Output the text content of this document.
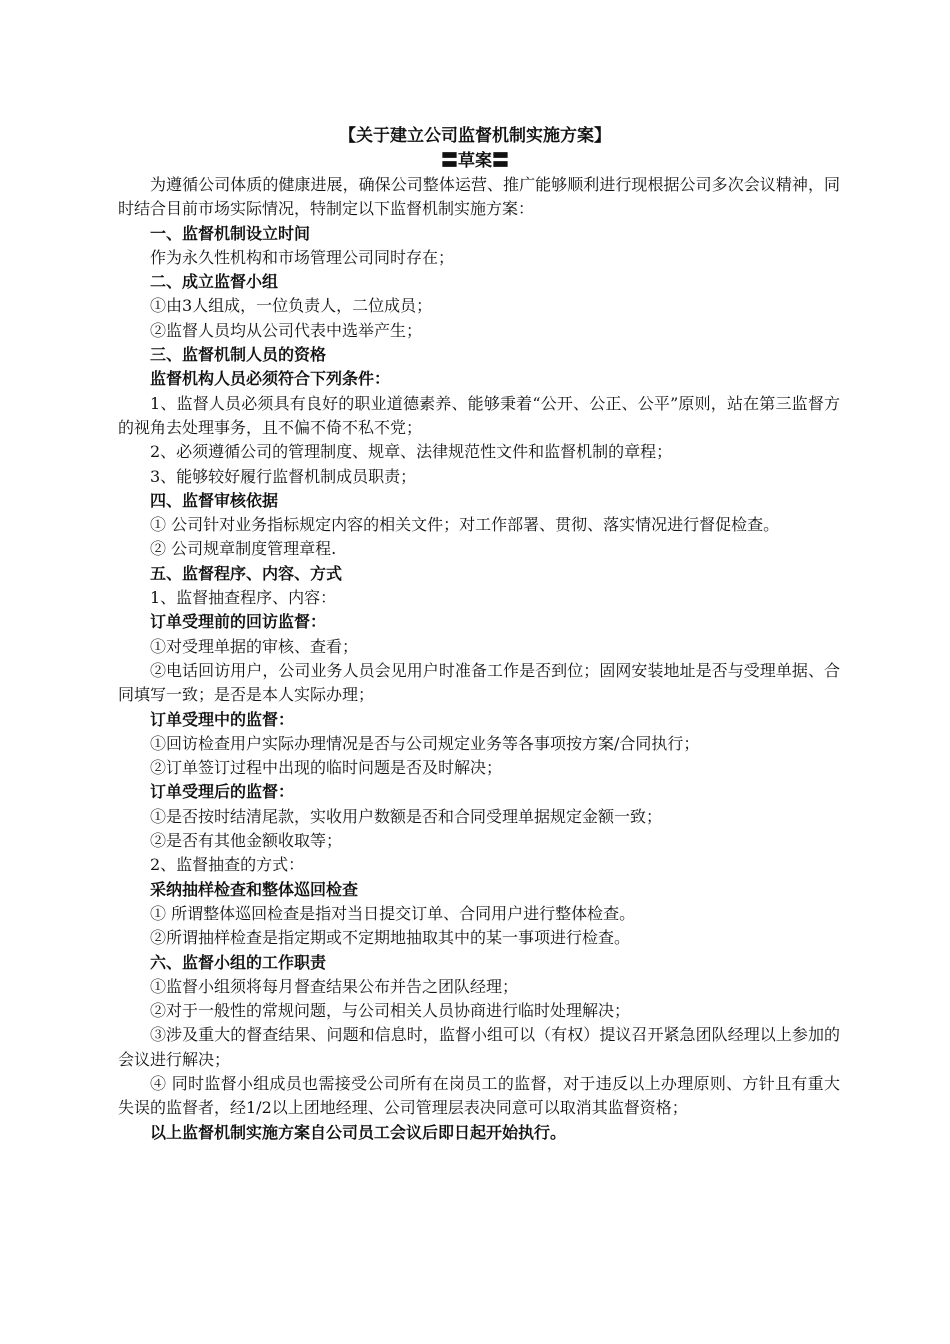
【关于建立公司监督机制实施方案】
〓草案〓

为遵循公司体质的健康进展，确保公司整体运营、推广能够顺利进行现根据公司多次会议精神，同时结合目前市场实际情况，特制定以下监督机制实施方案：

一、监督机制设立时间

作为永久性机构和市场管理公司同时存在；

二、成立监督小组

①由3人组成，一位负责人，二位成员；

②监督人员均从公司代表中选举产生；

三、监督机制人员的资格

监督机构人员必须符合下列条件：

1、监督人员必须具有良好的职业道德素养、能够秉着“公开、公正、公平”原则，站在第三监督方的视角去处理事务，且不偏不倚不私不党；

2、必须遵循公司的管理制度、规章、法律规范性文件和监督机制的章程；

3、能够较好履行监督机制成员职责；

四、监督审核依据

① 公司针对业务指标规定内容的相关文件；对工作部署、贯彻、落实情况进行督促检查。

② 公司规章制度管理章程.

五、监督程序、内容、方式

1、监督抽查程序、内容：

订单受理前的回访监督：

①对受理单据的审核、查看；

②电话回访用户，公司业务人员会见用户时准备工作是否到位；固网安装地址是否与受理单据、合同填写一致；是否是本人实际办理；

订单受理中的监督：

①回访检查用户实际办理情况是否与公司规定业务等各事项按方案/合同执行；

②订单签订过程中出现的临时问题是否及时解决；

订单受理后的监督：

①是否按时结清尾款，实收用户数额是否和合同受理单据规定金额一致；

②是否有其他金额收取等；

2、监督抽查的方式：

采纳抽样检查和整体巡回检查

① 所谓整体巡回检查是指对当日提交订单、合同用户进行整体检查。

②所谓抽样检查是指定期或不定期地抽取其中的某一事项进行检查。

六、监督小组的工作职责

①监督小组须将每月督查结果公布并告之团队经理；

②对于一般性的常规问题，与公司相关人员协商进行临时处理解决；

③涉及重大的督查结果、问题和信息时，监督小组可以（有权）提议召开紧急团队经理以上参加的会议进行解决；

④ 同时监督小组成员也需接受公司所有在岗员工的监督，对于违反以上办理原则、方针且有重大失误的监督者，经1/2以上团地经理、公司管理层表决同意可以取消其监督资格；

以上监督机制实施方案自公司员工会议后即日起开始执行。
